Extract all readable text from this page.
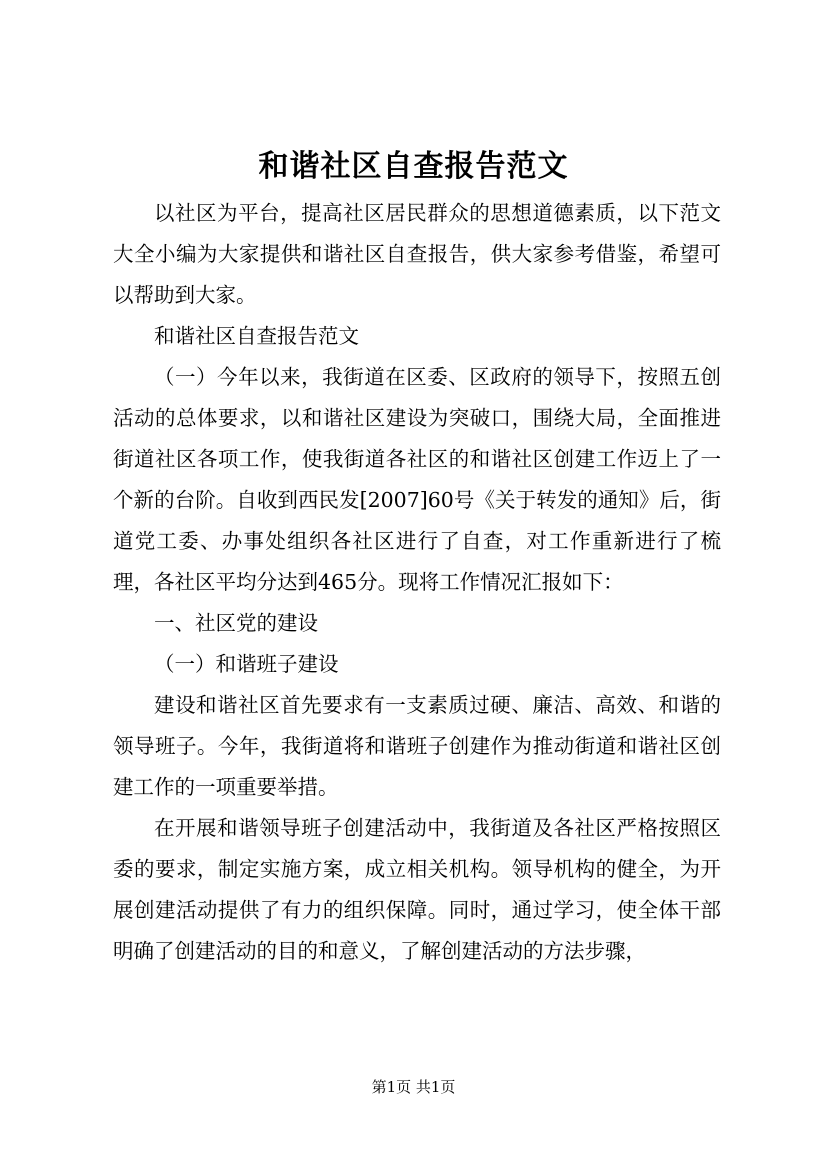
和谐社区自查报告范文

以社区为平台，提高社区居民群众的思想道德素质，以下范文大全小编为大家提供和谐社区自查报告，供大家参考借鉴，希望可以帮助到大家。

和谐社区自查报告范文

（一）今年以来，我街道在区委、区政府的领导下，按照五创活动的总体要求，以和谐社区建设为突破口，围绕大局，全面推进街道社区各项工作，使我街道各社区的和谐社区创建工作迈上了一个新的台阶。自收到西民发[2007]60号《关于转发的通知》后，街道党工委、办事处组织各社区进行了自查，对工作重新进行了梳理，各社区平均分达到465分。现将工作情况汇报如下：

一、社区党的建设

（一）和谐班子建设

建设和谐社区首先要求有一支素质过硬、廉洁、高效、和谐的领导班子。今年，我街道将和谐班子创建作为推动街道和谐社区创建工作的一项重要举措。

在开展和谐领导班子创建活动中，我街道及各社区严格按照区委的要求，制定实施方案，成立相关机构。领导机构的健全，为开展创建活动提供了有力的组织保障。同时，通过学习，使全体干部明确了创建活动的目的和意义，了解创建活动的方法步骤，

第1页 共1页
